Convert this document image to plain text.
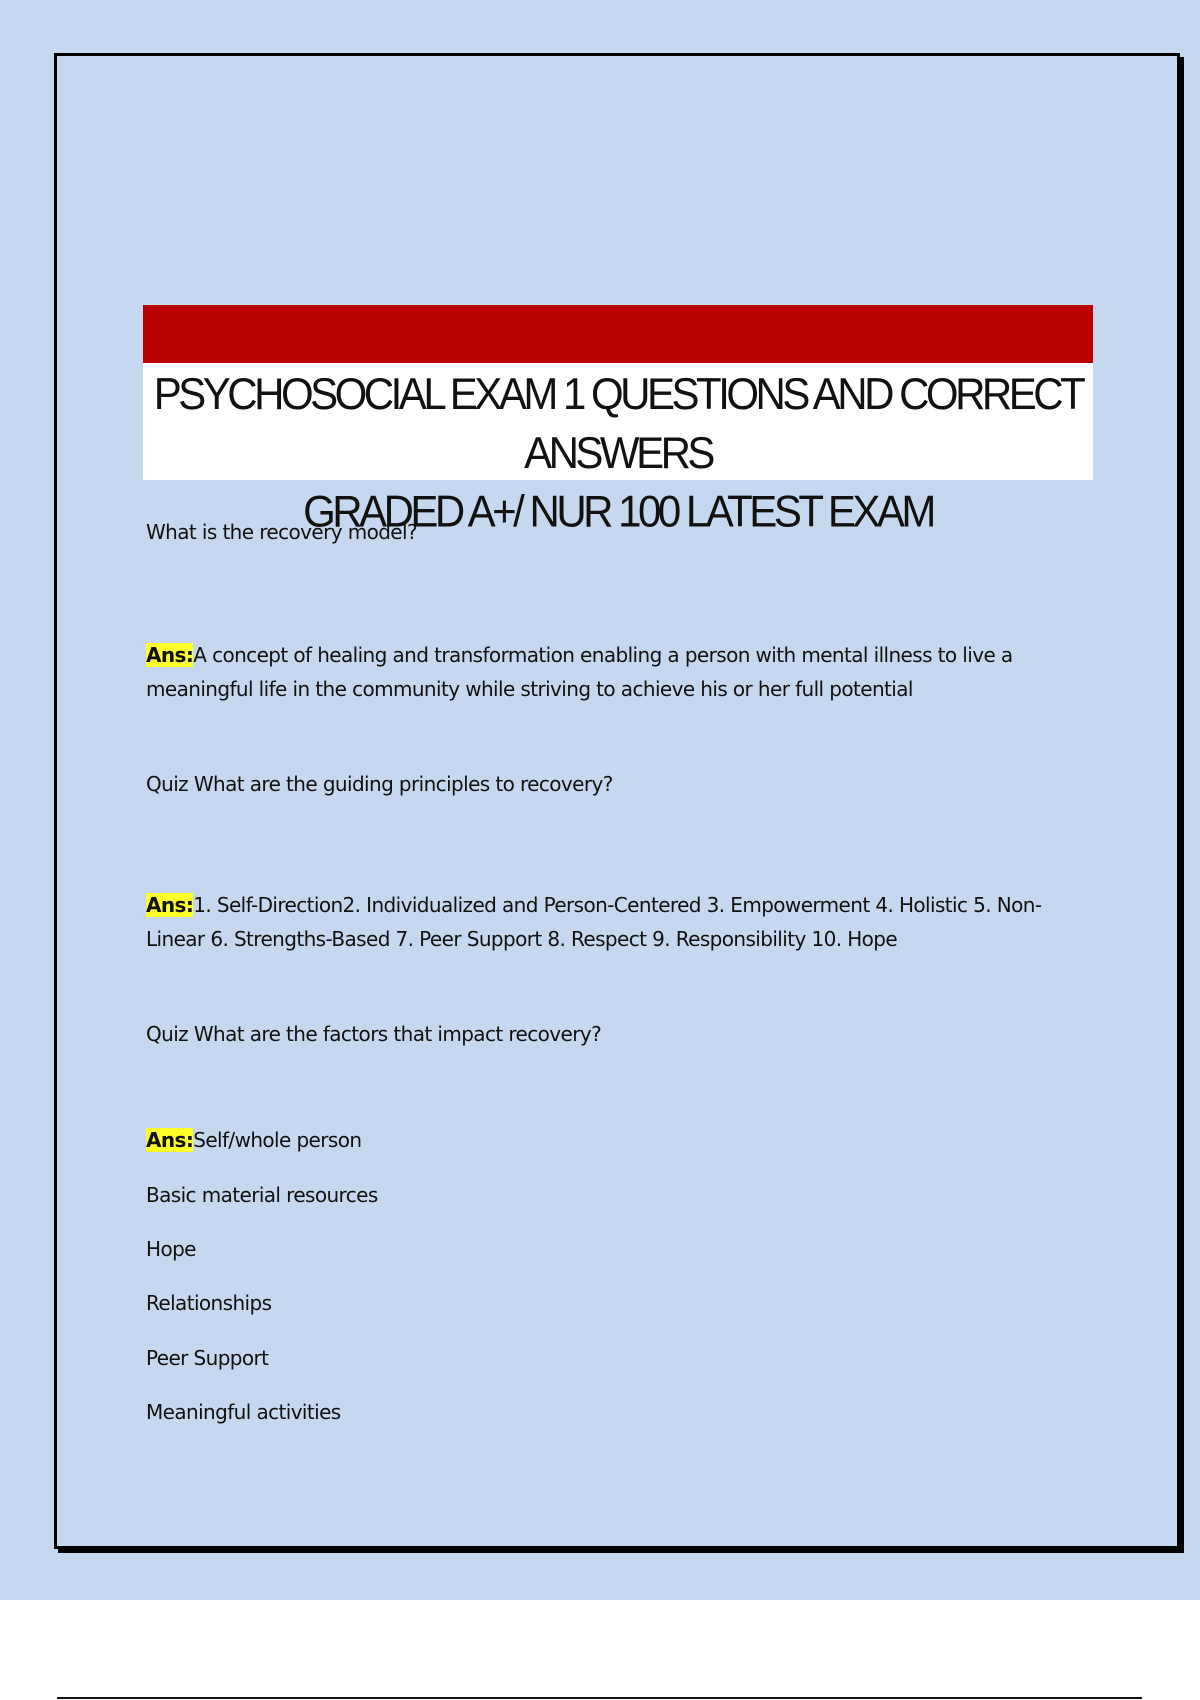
PSYCHOSOCIAL EXAM 1 QUESTIONS AND CORRECT ANSWERS
GRADED A+/ NUR 100 LATEST EXAM

What is the recovery model?

Ans:A concept of healing and transformation enabling a person with mental illness to live a meaningful life in the community while striving to achieve his or her full potential

Quiz What are the guiding principles to recovery?

Ans:1. Self-Direction2. Individualized and Person-Centered 3. Empowerment 4. Holistic 5. Non-Linear 6. Strengths-Based 7. Peer Support 8. Respect 9. Responsibility 10. Hope

Quiz What are the factors that impact recovery?

Ans:Self/whole person

Basic material resources

Hope

Relationships

Peer Support

Meaningful activities
